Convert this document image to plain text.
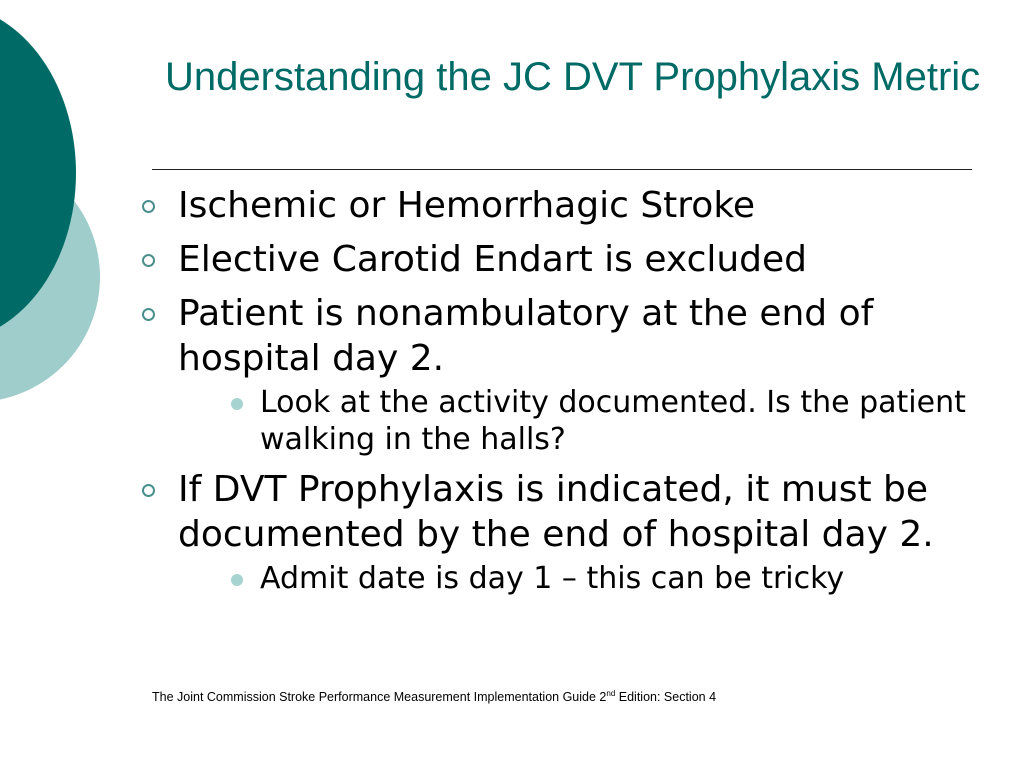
Understanding the JC DVT Prophylaxis Metric
Ischemic or Hemorrhagic Stroke
Elective Carotid Endart is excluded
Patient is nonambulatory at the end of hospital day 2.
Look at the activity documented. Is the patient walking in the halls?
If DVT Prophylaxis is indicated, it must be documented by the end of hospital day 2.
Admit date is day 1 – this can be tricky
The Joint Commission Stroke Performance Measurement Implementation Guide 2nd Edition: Section 4
